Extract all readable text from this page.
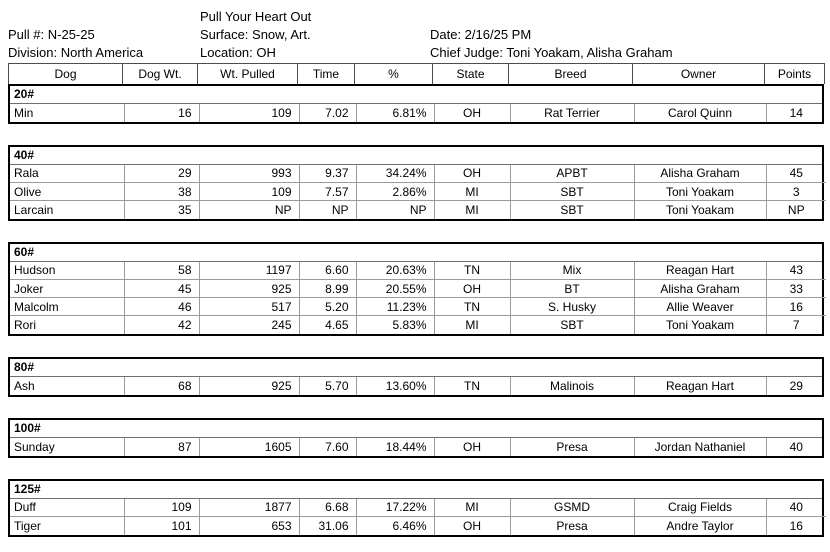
Pull Your Heart Out
Pull #: N-25-25	Surface: Snow, Art.	Date: 2/16/25 PM
Division: North America	Location: OH	Chief Judge: Toni Yoakam, Alisha Graham
Dog	Dog Wt.	Wt. Pulled	Time	%	State	Breed	Owner	Points
20#
Min	16	109	7.02	6.81%	OH	Rat Terrier	Carol Quinn	14
40#
Rala	29	993	9.37	34.24%	OH	APBT	Alisha Graham	45
Olive	38	109	7.57	2.86%	MI	SBT	Toni Yoakam	3
Larcain	35	NP	NP	NP	MI	SBT	Toni Yoakam	NP
60#
Hudson	58	1197	6.60	20.63%	TN	Mix	Reagan Hart	43
Joker	45	925	8.99	20.55%	OH	BT	Alisha Graham	33
Malcolm	46	517	5.20	11.23%	TN	S. Husky	Allie Weaver	16
Rori	42	245	4.65	5.83%	MI	SBT	Toni Yoakam	7
80#
Ash	68	925	5.70	13.60%	TN	Malinois	Reagan Hart	29
100#
Sunday	87	1605	7.60	18.44%	OH	Presa	Jordan Nathaniel	40
125#
Duff	109	1877	6.68	17.22%	MI	GSMD	Craig Fields	40
Tiger	101	653	31.06	6.46%	OH	Presa	Andre Taylor	16
